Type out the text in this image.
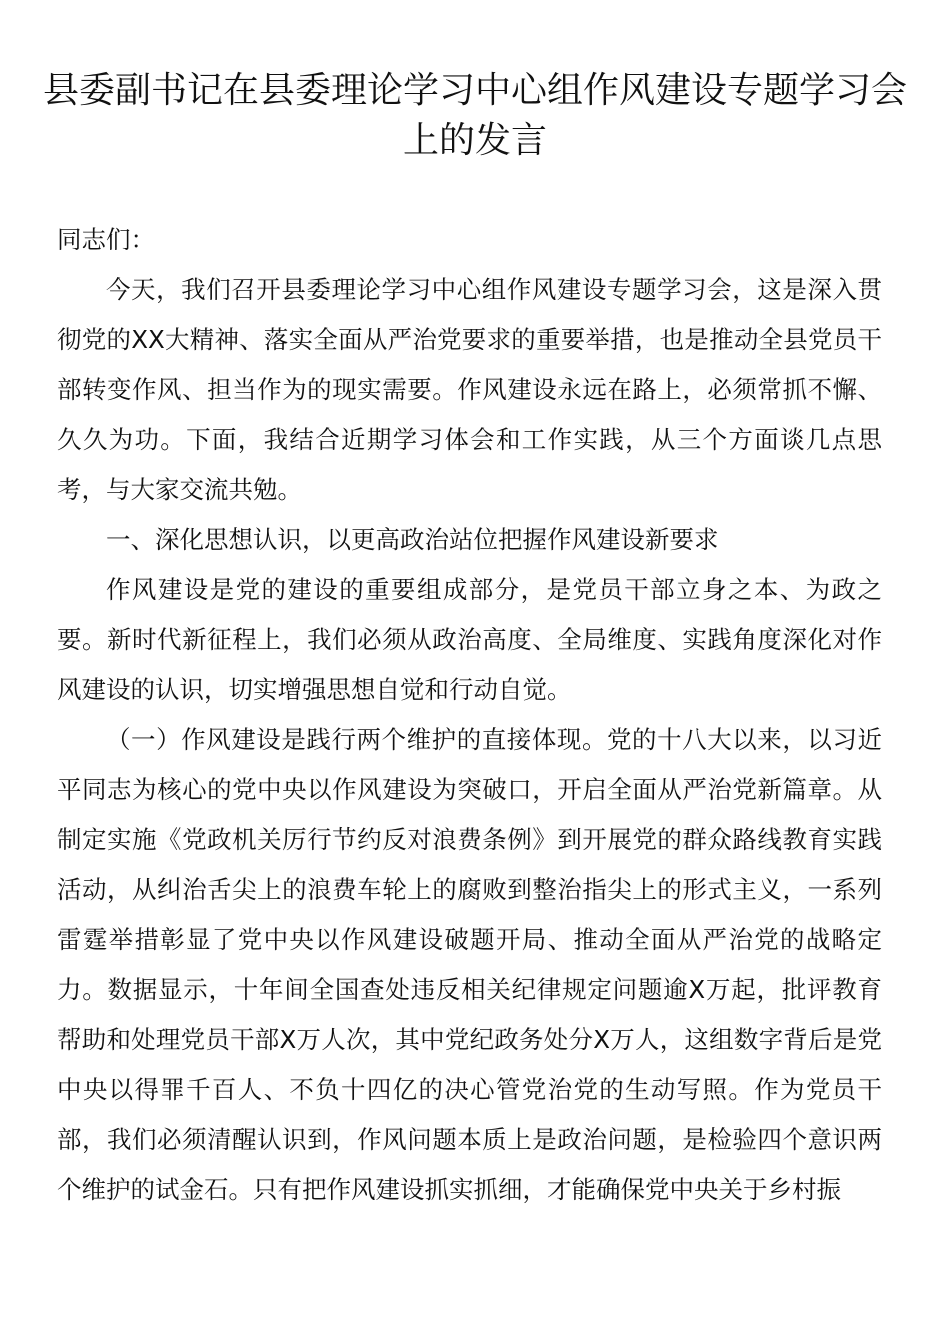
县委副书记在县委理论学习中心组作风建设专题学习会上的发言

同志们：

今天，我们召开县委理论学习中心组作风建设专题学习会，这是深入贯彻党的XX大精神、落实全面从严治党要求的重要举措，也是推动全县党员干部转变作风、担当作为的现实需要。作风建设永远在路上，必须常抓不懈、久久为功。下面，我结合近期学习体会和工作实践，从三个方面谈几点思考，与大家交流共勉。

一、深化思想认识，以更高政治站位把握作风建设新要求

作风建设是党的建设的重要组成部分，是党员干部立身之本、为政之要。新时代新征程上，我们必须从政治高度、全局维度、实践角度深化对作风建设的认识，切实增强思想自觉和行动自觉。

（一）作风建设是践行两个维护的直接体现。党的十八大以来，以习近平同志为核心的党中央以作风建设为突破口，开启全面从严治党新篇章。从制定实施《党政机关厉行节约反对浪费条例》到开展党的群众路线教育实践活动，从纠治舌尖上的浪费车轮上的腐败到整治指尖上的形式主义，一系列雷霆举措彰显了党中央以作风建设破题开局、推动全面从严治党的战略定力。数据显示，十年间全国查处违反相关纪律规定问题逾X万起，批评教育帮助和处理党员干部X万人次，其中党纪政务处分X万人，这组数字背后是党中央以得罪千百人、不负十四亿的决心管党治党的生动写照。作为党员干部，我们必须清醒认识到，作风问题本质上是政治问题，是检验四个意识两个维护的试金石。只有把作风建设抓实抓细，才能确保党中央关于乡村振
